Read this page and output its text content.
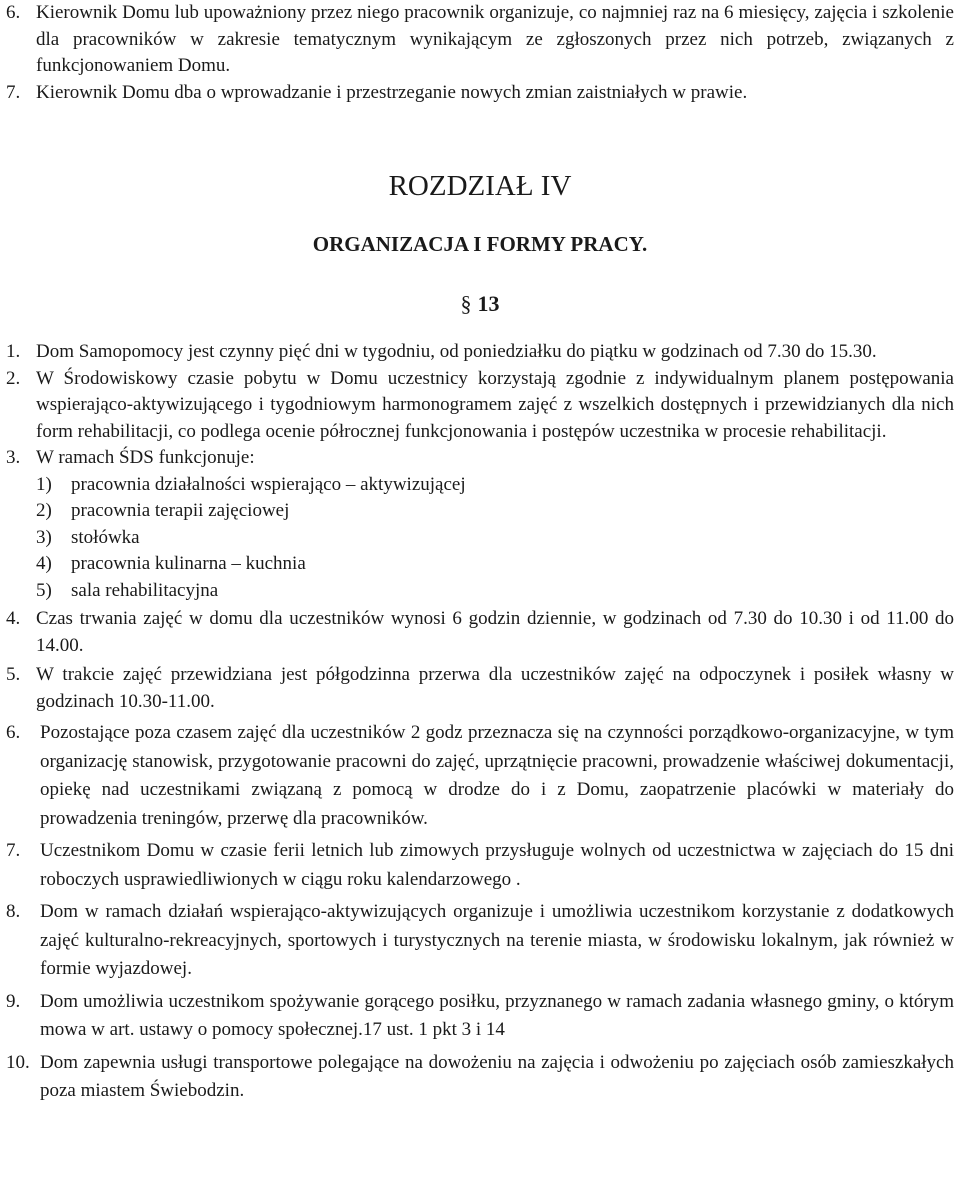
6. Kierownik Domu lub upoważniony przez niego pracownik organizuje, co najmniej raz na 6 miesięcy, zajęcia i szkolenie dla pracowników w zakresie tematycznym wynikającym ze zgłoszonych przez nich potrzeb, związanych z funkcjonowaniem Domu.
7. Kierownik Domu dba o wprowadzanie i przestrzeganie nowych zmian zaistniałych w prawie.
ROZDZIAŁ IV
ORGANIZACJA I FORMY PRACY.
§ 13
1. Dom Samopomocy jest czynny pięć dni w tygodniu, od poniedziałku do piątku w godzinach od 7.30 do 15.30.
2. W Środowiskowy czasie pobytu w Domu uczestnicy korzystają zgodnie z indywidualnym planem postępowania wspierająco-aktywizującego i tygodniowym harmonogramem zajęć z wszelkich dostępnych i przewidzianych dla nich form rehabilitacji, co podlega ocenie półrocznej funkcjonowania i postępów uczestnika w procesie rehabilitacji.
3. W ramach ŚDS funkcjonuje:
1)	pracownia działalności wspierająco – aktywizującej
2)	pracownia terapii zajęciowej
3)	stołówka
4)	pracownia kulinarna – kuchnia
5)	sala rehabilitacyjna
4. Czas trwania zajęć w domu dla uczestników wynosi 6 godzin dziennie, w godzinach od 7.30 do 10.30 i od 11.00 do 14.00.
5. W trakcie zajęć przewidziana jest półgodzinna przerwa dla uczestników zajęć na odpoczynek i posiłek własny w godzinach 10.30-11.00.
6.	Pozostające poza czasem zajęć dla uczestników 2 godz przeznacza się na czynności porządkowo-organizacyjne, w tym organizację stanowisk, przygotowanie pracowni do zajęć, uprzątnięcie pracowni, prowadzenie właściwej dokumentacji, opiekę nad uczestnikami związaną z pomocą w drodze do i z Domu, zaopatrzenie placówki w materiały do prowadzenia treningów, przerwę dla pracowników.
7.	Uczestnikom Domu w czasie ferii letnich lub zimowych przysługuje wolnych od uczestnictwa w zajęciach do 15 dni roboczych usprawiedliwionych w ciągu roku kalendarzowego .
8.	Dom w ramach działań wspierająco-aktywizujących organizuje i umożliwia uczestnikom korzystanie z dodatkowych zajęć kulturalno-rekreacyjnych, sportowych i turystycznych na terenie miasta, w środowisku lokalnym, jak również w formie wyjazdowej.
9.	Dom umożliwia uczestnikom spożywanie gorącego posiłku, przyznanego w ramach zadania własnego gminy, o którym mowa w art. ustawy o pomocy społecznej.17 ust. 1 pkt 3 i 14
10. Dom zapewnia usługi transportowe polegające na dowożeniu na zajęcia i odwożeniu po zajęciach osób zamieszkałych poza miastem Świebodzin.
